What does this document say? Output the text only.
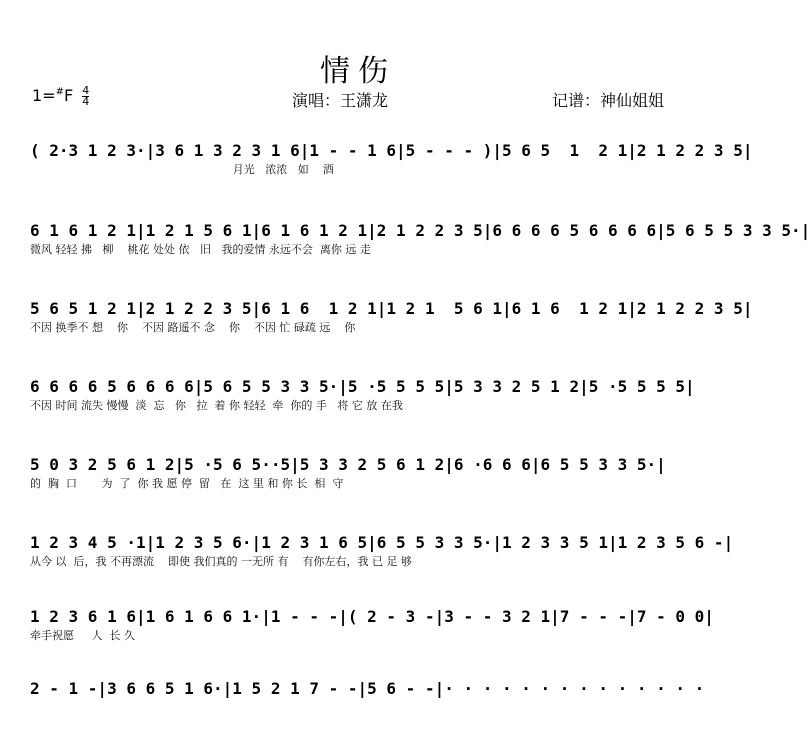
情伤
$1=^{\#}F \frac{4}{4}$	演唱：王潇龙	记谱：神仙姐姐
( 2·3 1 2 3·|3 6 1 3 2 3 1 6|1 - - 1 6|5 - - - )|5 6 5  1  2 1|2 1 2 2 3 5|
月光   浓浓   如    酒
6 1 6 1 2 1|1 2 1 5 6 1|6 1 6 1 2 1|2 1 2 2 3 5|6 6 6 6 5 6 6 6 6|5 6 5 5 3 3 5·|
微风 轻轻 拂   柳    桃花 处处 依   旧   我的爱情 永远不会  离你 远 走
5 6 5 1 2 1|2 1 2 2 3 5|6 1 6  1 2 1|1 2 1  5 6 1|6 1 6  1 2 1|2 1 2 2 3 5|
不因 换季不 想    你    不因 路遥不 念    你    不因 忙 碌疏 远    你
6 6 6 6 5 6 6 6 6|5 6 5 5 3 3 5·|5 ·5 5 5 5|5 3 3 2 5 1 2|5 ·5 5 5 5|
不因 时间 流失 慢慢  淡  忘   你   拉  着 你 轻轻  牵  你的 手   将 它 放 在我
5 0 3 2 5 6 1 2|5 ·5 6 5··5|5 3 3 2 5 6 1 2|6 ·6 6 6|6 5 5 3 3 5·|
的  胸  口       为  了  你 我 愿 停  留   在  这 里 和 你 长  相  守
1 2 3 4 5 ·1|1 2 3 5 6·|1 2 3 1 6 5|6 5 5 3 3 5·|1 2 3 3 5 1|1 2 3 5 6 -|
从今 以  后，我 不再漂流    即使 我们真的 一无所 有    有你左右，我 已 足 够
1 2 3 6 1 6|1 6 1 6 6 1·|1 - - -|( 2 - 3 -|3 - - 3 2 1|7 - - -|7 - 0 0|
牵手祝愿     人  长 久
2 - 1 -|3 6 6 5 1 6·|1 5 2 1 7 - -|5 6 - -|· · · · · · · · · · · · · ·
